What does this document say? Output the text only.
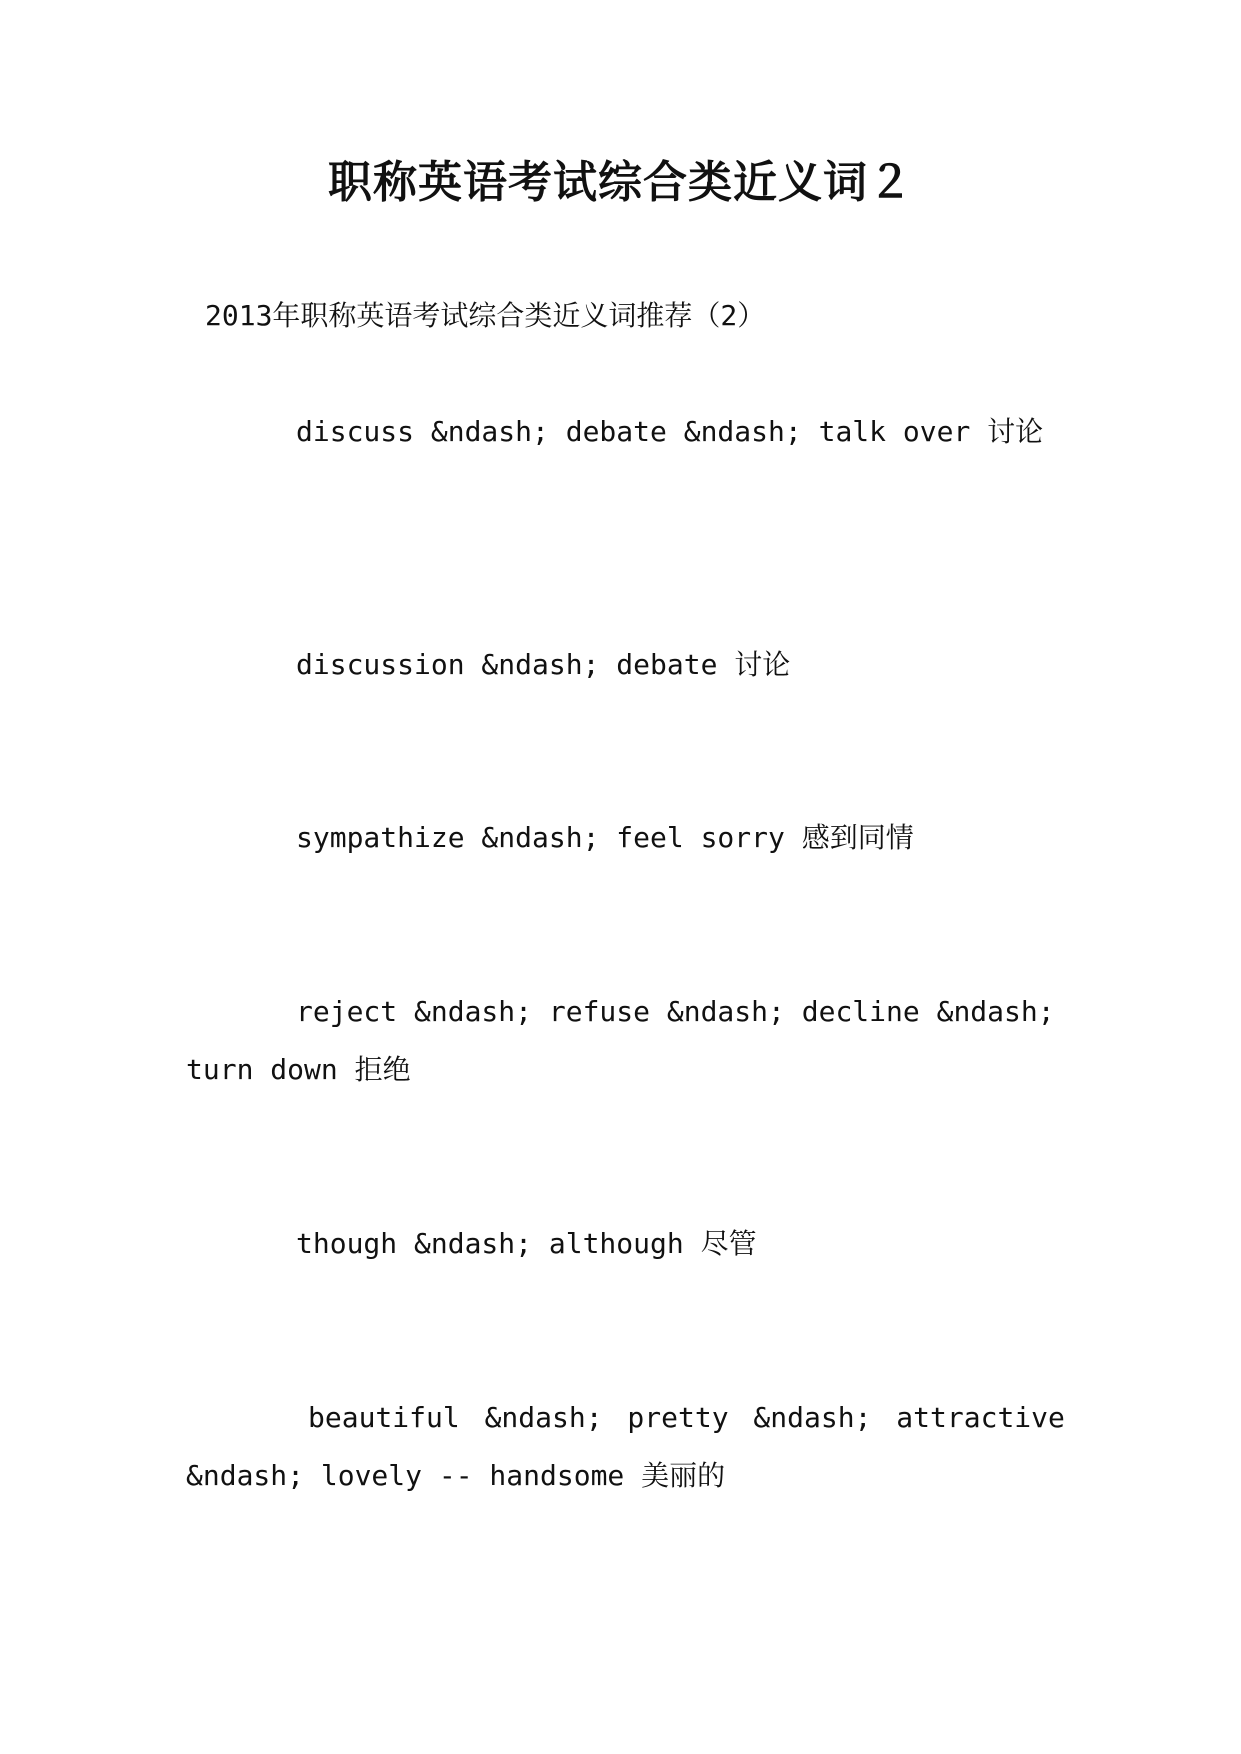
职称英语考试综合类近义词２
2013年职称英语考试综合类近义词推荐（2）
discuss &ndash; debate &ndash; talk over 讨论
discussion &ndash; debate 讨论
sympathize &ndash; feel sorry 感到同情
reject &ndash; refuse &ndash; decline &ndash;
turn down 拒绝
though &ndash; although 尽管
beautiful &ndash; pretty &ndash; attractive
&ndash; lovely -- handsome 美丽的
